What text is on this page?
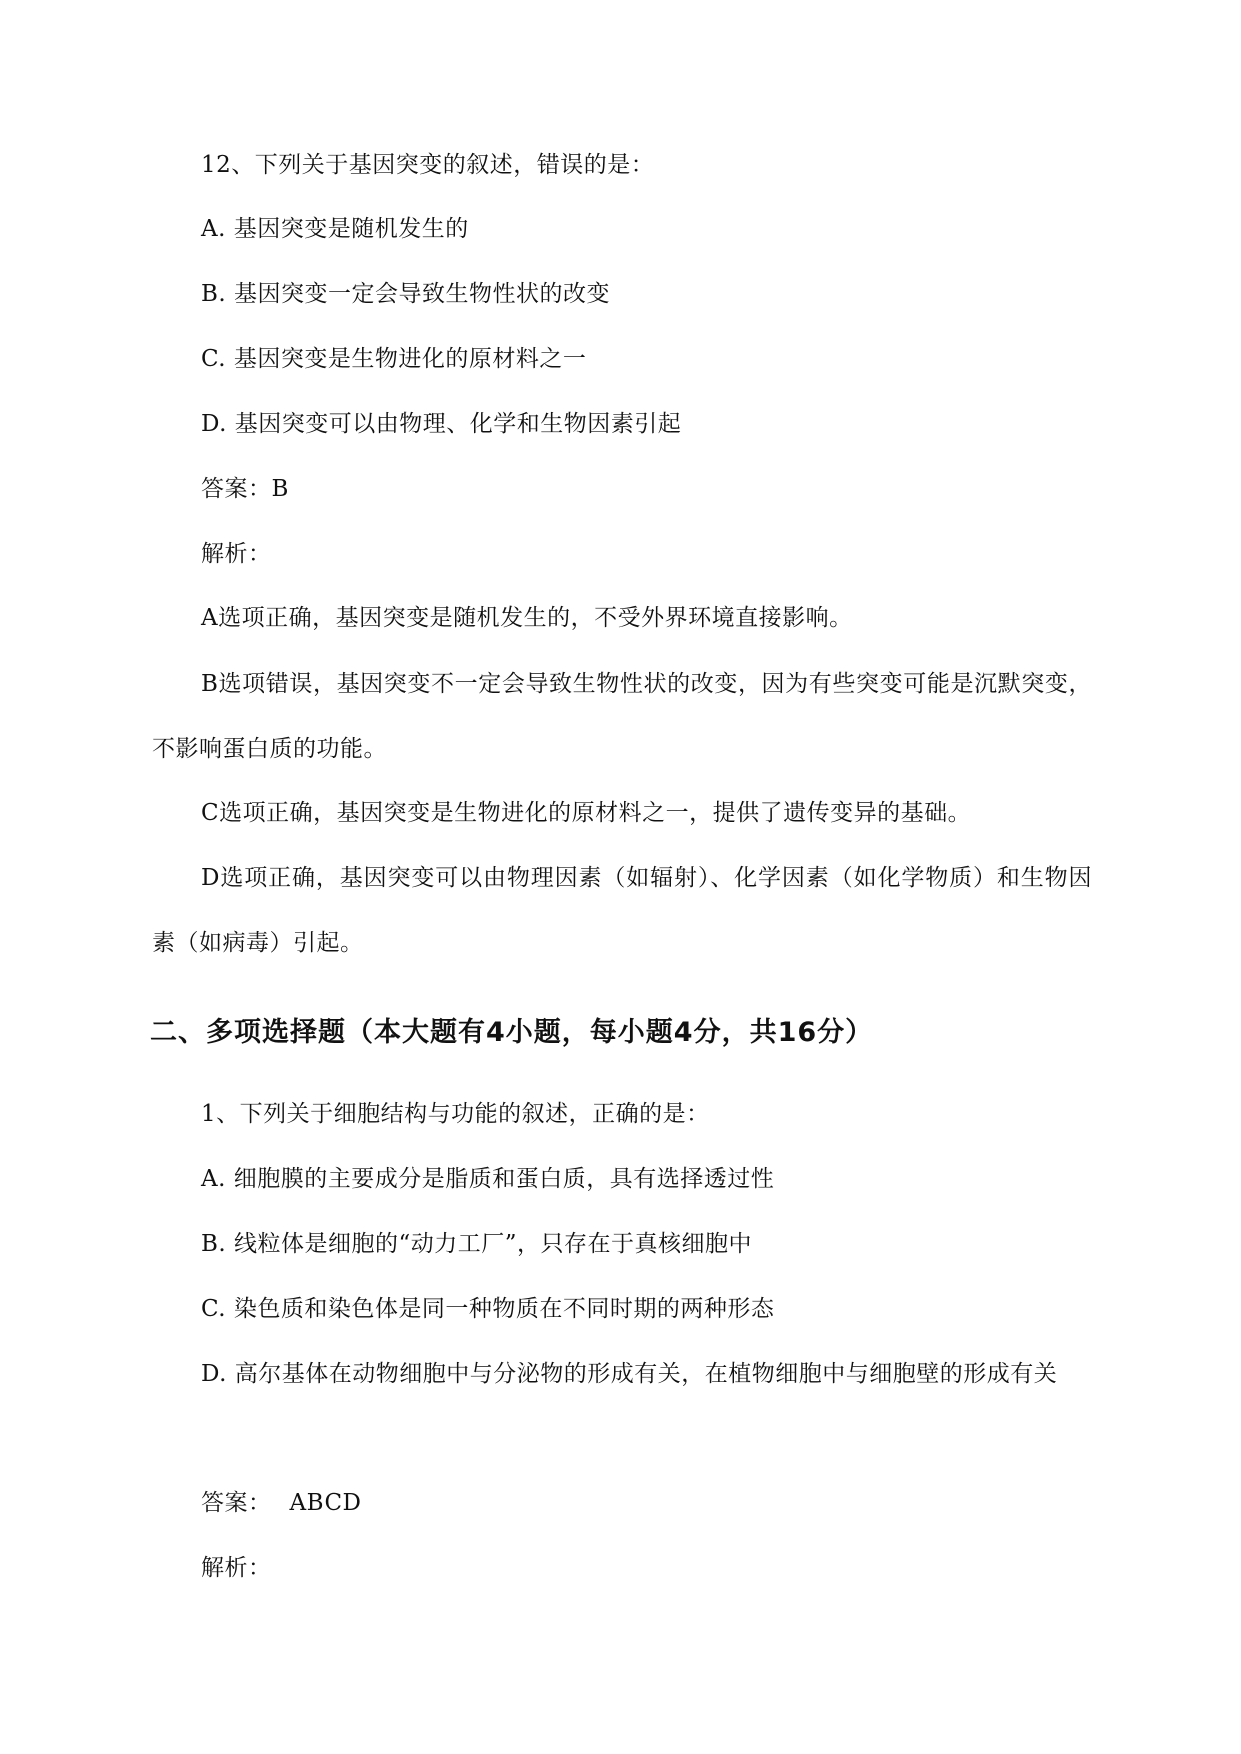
12、下列关于基因突变的叙述，错误的是：
A. 基因突变是随机发生的
B. 基因突变一定会导致生物性状的改变
C. 基因突变是生物进化的原材料之一
D. 基因突变可以由物理、化学和生物因素引起
答案：B
解析：
A选项正确，基因突变是随机发生的，不受外界环境直接影响。
B选项错误，基因突变不一定会导致生物性状的改变，因为有些突变可能是沉默突变，不影响蛋白质的功能。
C选项正确，基因突变是生物进化的原材料之一，提供了遗传变异的基础。
D选项正确，基因突变可以由物理因素（如辐射）、化学因素（如化学物质）和生物因素（如病毒）引起。
二、多项选择题（本大题有4小题，每小题4分，共16分）
1、下列关于细胞结构与功能的叙述，正确的是：
A. 细胞膜的主要成分是脂质和蛋白质，具有选择透过性
B. 线粒体是细胞的“动力工厂”，只存在于真核细胞中
C. 染色质和染色体是同一种物质在不同时期的两种形态
D. 高尔基体在动物细胞中与分泌物的形成有关，在植物细胞中与细胞壁的形成有关
答案： ABCD
解析：
